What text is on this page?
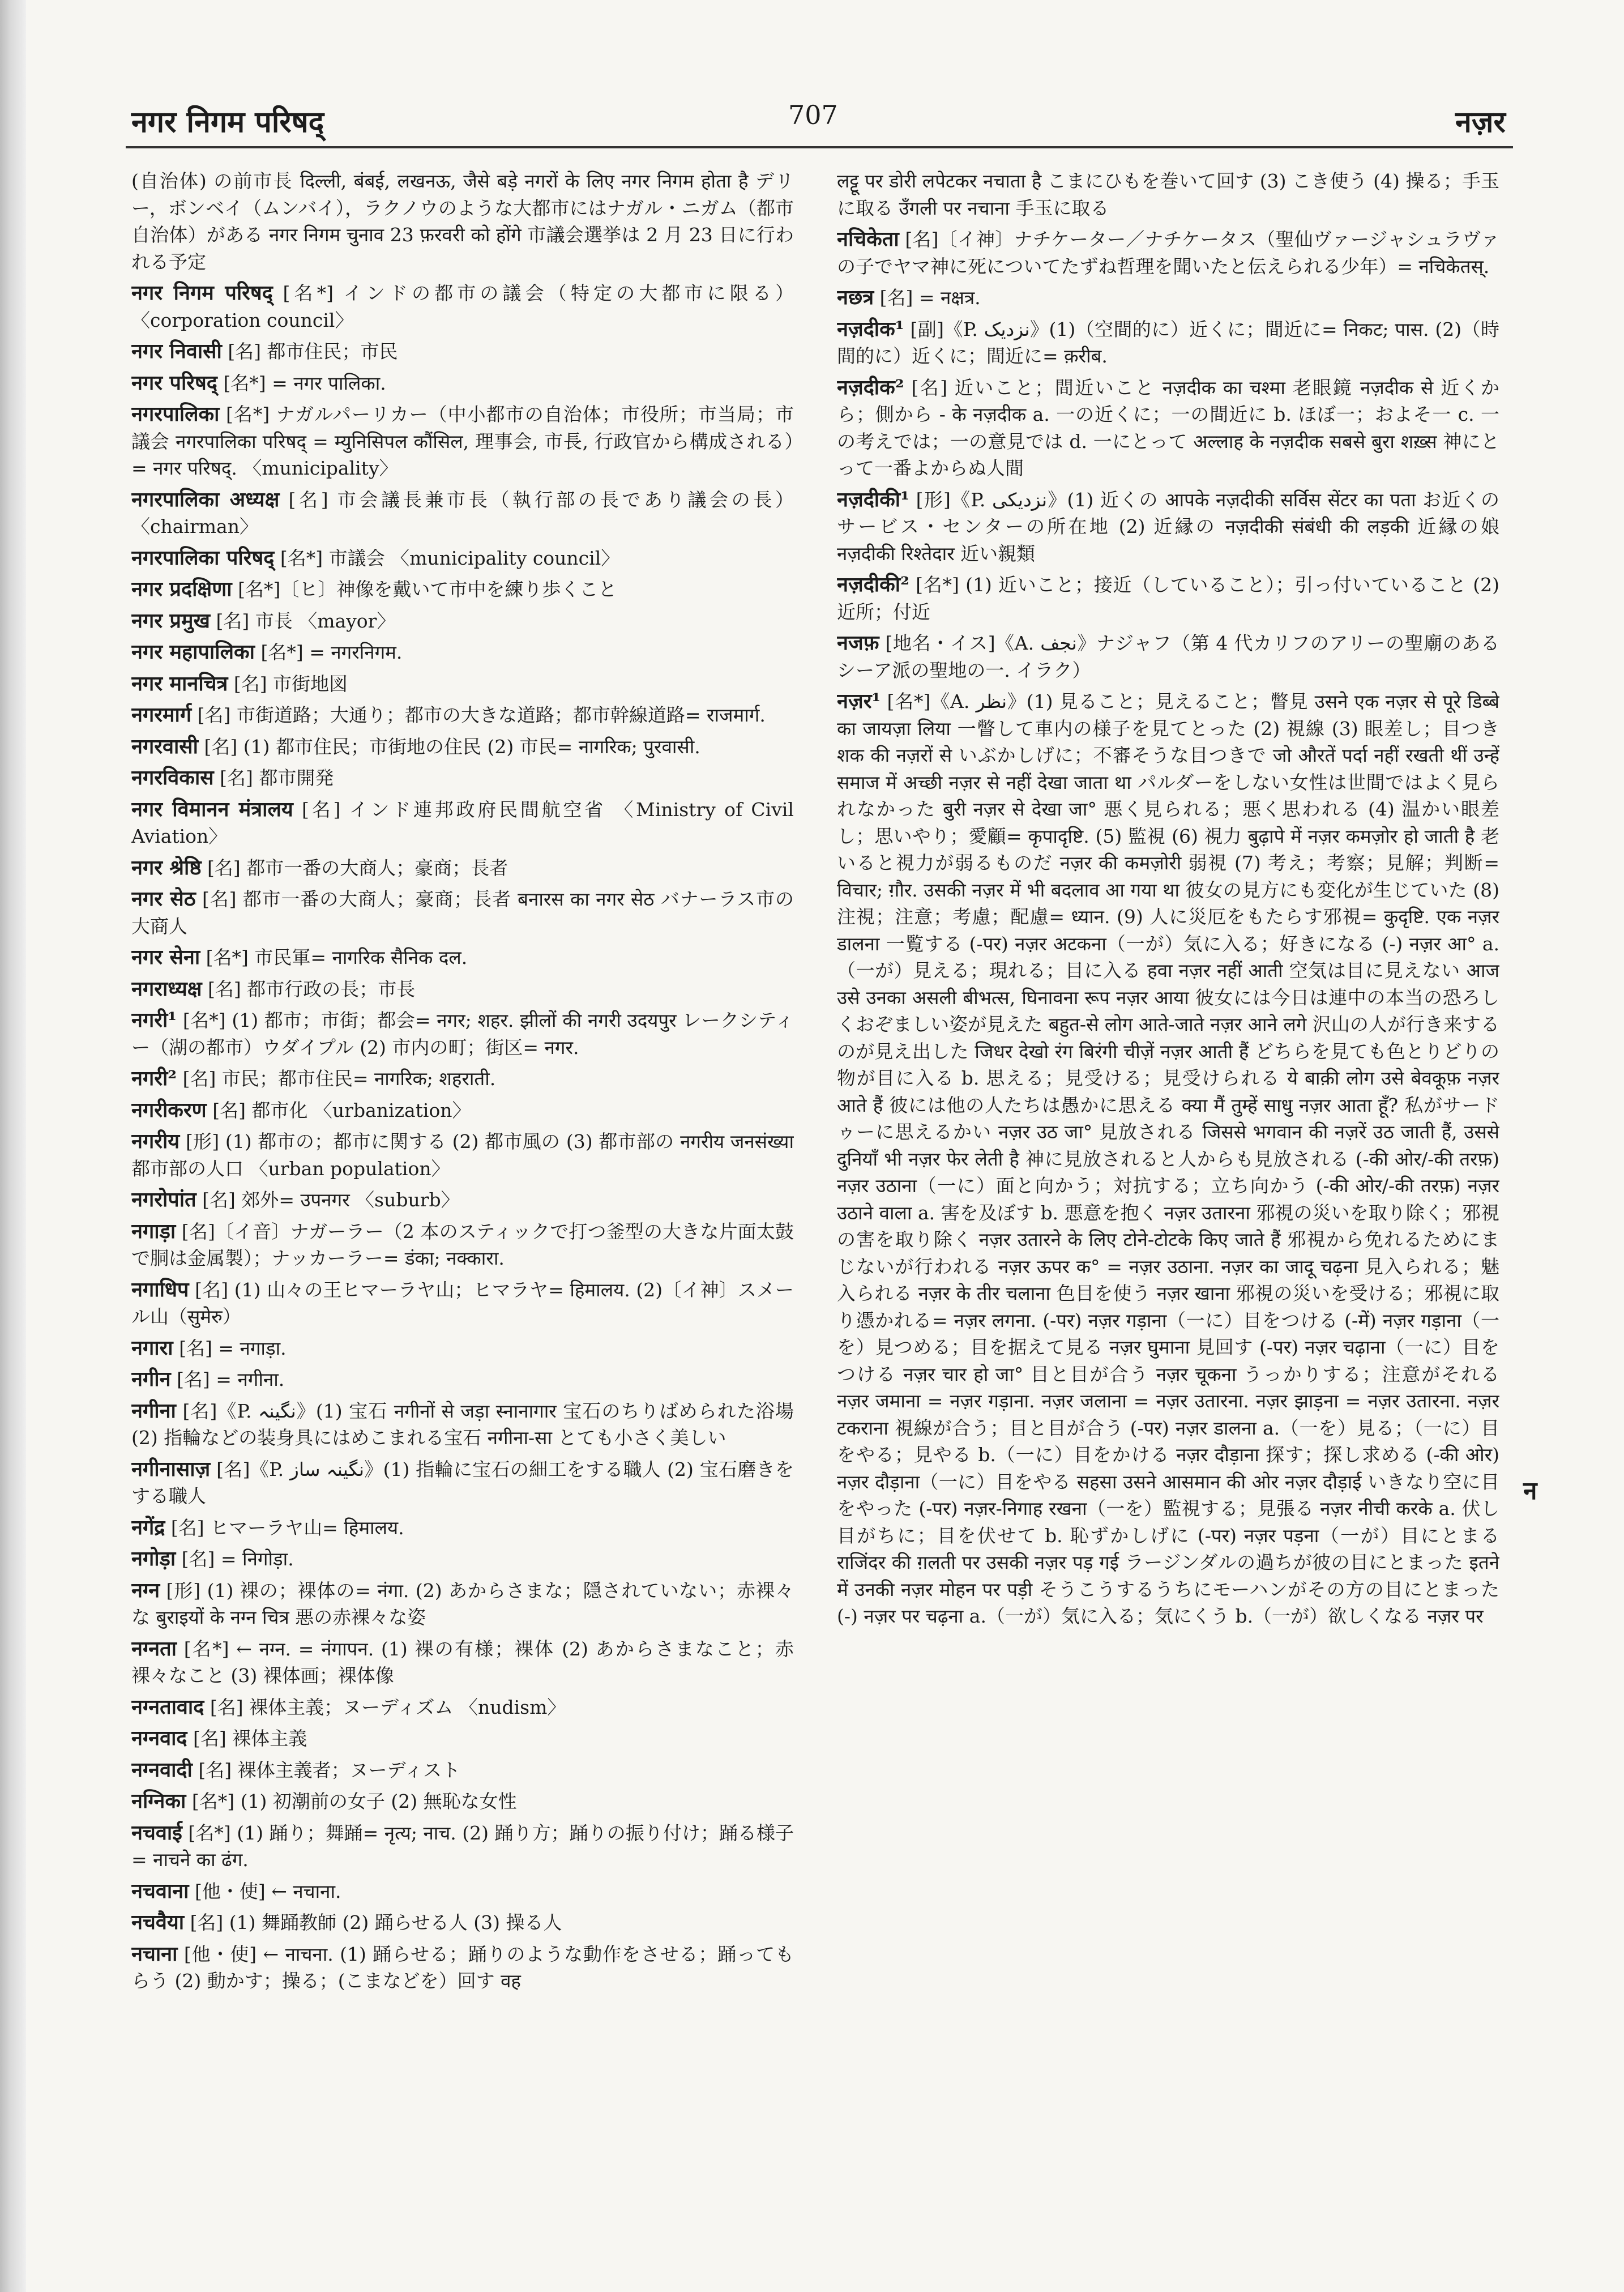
नगर निगम परिषद्	707	नज़र

(自治体) の前市長 दिल्ली, बंबई, लखनऊ, जैसे बड़े नगरों के लिए नगर निगम होता है デリー，ボンベイ（ムンバイ），ラクノウのような大都市にはナガル・ニガム（都市自治体）がある नगर निगम चुनाव 23 फ़रवरी को होंगे 市議会選挙は 2 月 23 日に行われる予定

नगर निगम परिषद् [名*] インドの都市の議会（特定の大都市に限る）〈corporation council〉

नगर निवासी [名] 都市住民；市民

नगर परिषद् [名*] = नगर पालिका.

नगरपालिका [名*] ナガルパーリカー（中小都市の自治体；市役所；市当局；市議会 नगरपालिका परिषद् = म्युनिसिपल कौंसिल, 理事会, 市長, 行政官から構成される）= नगर परिषद्. 〈municipality〉

नगरपालिका अध्यक्ष [名] 市会議長兼市長（執行部の長であり議会の長）〈chairman〉

नगरपालिका परिषद् [名*] 市議会 〈municipality council〉

नगर प्रदक्षिणा [名*]〔ヒ〕神像を戴いて市中を練り歩くこと

नगर प्रमुख [名] 市長 〈mayor〉

नगर महापालिका [名*] = नगरनिगम.

नगर मानचित्र [名] 市街地図

नगरमार्ग [名] 市街道路；大通り；都市の大きな道路；都市幹線道路= राजमार्ग.

नगरवासी [名] (1) 都市住民；市街地の住民 (2) 市民= नागरिक; पुरवासी.

नगरविकास [名] 都市開発

नगर विमानन मंत्रालय [名] インド連邦政府民間航空省 〈Ministry of Civil Aviation〉

नगर श्रेष्ठि [名] 都市一番の大商人；豪商；長者

नगर सेठ [名] 都市一番の大商人；豪商；長者 बनारस का नगर सेठ バナーラス市の大商人

नगर सेना [名*] 市民軍= नागरिक सैनिक दल.

नगराध्यक्ष [名] 都市行政の長；市長

नगरी¹ [名*] (1) 都市；市街；都会= नगर; शहर. झीलों की नगरी उदयपुर レークシティー（湖の都市）ウダイプル (2) 市内の町；街区= नगर.

नगरी² [名] 市民；都市住民= नागरिक; शहराती.

नगरीकरण [名] 都市化 〈urbanization〉

नगरीय [形] (1) 都市の；都市に関する (2) 都市風の (3) 都市部の नगरीय जनसंख्या 都市部の人口 〈urban population〉

नगरोपांत [名] 郊外= उपनगर 〈suburb〉

नगाड़ा [名]〔イ音〕ナガーラー（2 本のスティックで打つ釜型の大きな片面太鼓で胴は金属製）；ナッカーラー= डंका; नक्कारा.

नगाधिप [名] (1) 山々の王ヒマーラヤ山；ヒマラヤ= हिमालय. (2)〔イ神〕スメール山（सुमेरु）

नगारा [名] = नगाड़ा.

नगीन [名] = नगीना.

नगीना [名]《P. نگینہ》(1) 宝石 नगीनों से जड़ा स्नानागार 宝石のちりばめられた浴場 (2) 指輪などの装身具にはめこまれる宝石 नगीना-सा とても小さく美しい

नगीनासाज़ [名]《P. نگینہ ساز》(1) 指輪に宝石の細工をする職人 (2) 宝石磨きをする職人

नगेंद्र [名] ヒマーラヤ山= हिमालय.

नगोड़ा [名] = निगोड़ा.

नग्न [形] (1) 裸の；裸体の= नंगा. (2) あからさまな；隠されていない；赤裸々な बुराइयों के नग्न चित्र 悪の赤裸々な姿

नग्नता [名*] ← नग्न. = नंगापन. (1) 裸の有様；裸体 (2) あからさまなこと；赤裸々なこと (3) 裸体画；裸体像

नग्नतावाद [名] 裸体主義；ヌーディズム 〈nudism〉

नग्नवाद [名] 裸体主義

नग्नवादी [名] 裸体主義者；ヌーディスト

नग्निका [名*] (1) 初潮前の女子 (2) 無恥な女性

नचवाई [名*] (1) 踊り；舞踊= नृत्य; नाच. (2) 踊り方；踊りの振り付け；踊る様子= नाचने का ढंग.

नचवाना [他・使] ← नचाना.

नचवैया [名] (1) 舞踊教師 (2) 踊らせる人 (3) 操る人

नचाना [他・使] ← नाचना. (1) 踊らせる；踊りのような動作をさせる；踊ってもらう (2) 動かす；操る；(こまなどを）回す वह

लट्टू पर डोरी लपेटकर नचाता है こまにひもを巻いて回す (3) こき使う (4) 操る；手玉に取る उँगली पर नचाना 手玉に取る

नचिकेता [名]〔イ神〕ナチケーター／ナチケータス（聖仙ヴァージャシュラヴァの子でヤマ神に死についてたずね哲理を聞いたと伝えられる少年）= नचिकेतस्.

नछत्र [名] = नक्षत्र.

नज़दीक¹ [副]《P. نزدیک》(1)（空間的に）近くに；間近に= निकट; पास. (2)（時間的に）近くに；間近に= क़रीब.

नज़दीक² [名] 近いこと；間近いこと नज़दीक का चश्मा 老眼鏡 नज़दीक से 近くから；側から - के नज़दीक a. 一の近くに；一の間近に b. ほぼ一；およそ一 c. 一の考えでは；一の意見では d. 一にとって अल्लाह के नज़दीक सबसे बुरा शख़्स 神にとって一番よからぬ人間

नज़दीकी¹ [形]《P. نزدیکی》(1) 近くの आपके नज़दीकी सर्विस सेंटर का पता お近くのサービス・センターの所在地 (2) 近縁の नज़दीकी संबंधी की लड़की 近縁の娘 नज़दीकी रिश्तेदार 近い親類

नज़दीकी² [名*] (1) 近いこと；接近（していること）；引っ付いていること (2) 近所；付近

नजफ़ [地名・イス]《A. نجف》ナジャフ（第 4 代カリフのアリーの聖廟のあるシーア派の聖地の一. イラク）

नज़र¹ [名*]《A. نظر》(1) 見ること；見えること；瞥見 उसने एक नज़र से पूरे डिब्बे का जायज़ा लिया 一瞥して車内の様子を見てとった (2) 視線 (3) 眼差し；目つき शक की नज़रों से いぶかしげに；不審そうな目つきで जो औरतें पर्दा नहीं रखती थीं उन्हें समाज में अच्छी नज़र से नहीं देखा जाता था パルダーをしない女性は世間ではよく見られなかった बुरी नज़र से देखा जा° 悪く見られる；悪く思われる (4) 温かい眼差し；思いやり；愛顧= कृपादृष्टि. (5) 監視 (6) 視力 बुढ़ापे में नज़र कमज़ोर हो जाती है 老いると視力が弱るものだ नज़र की कमज़ोरी 弱視 (7) 考え；考察；見解；判断= विचार; ग़ौर. उसकी नज़र में भी बदलाव आ गया था 彼女の見方にも変化が生じていた (8) 注視；注意；考慮；配慮= ध्यान. (9) 人に災厄をもたらす邪視= कुदृष्टि. एक नज़र डालना 一覧する (-पर) नज़र अटकना（一が）気に入る；好きになる (-) नज़र आ° a.（一が）見える；現れる；目に入る हवा नज़र नहीं आती 空気は目に見えない आज उसे उनका असली बीभत्स, घिनावना रूप नज़र आया 彼女には今日は連中の本当の恐ろしくおぞましい姿が見えた बहुत-से लोग आते-जाते नज़र आने लगे 沢山の人が行き来するのが見え出した जिधर देखो रंग बिरंगी चीज़ें नज़र आती हैं どちらを見ても色とりどりの物が目に入る b. 思える；見受ける；見受けられる ये बाक़ी लोग उसे बेवकूफ़ नज़र आते हैं 彼には他の人たちは愚かに思える क्या मैं तुम्हें साधु नज़र आता हूँ? 私がサードゥーに思えるかい नज़र उठ जा° 見放される जिससे भगवान की नज़रें उठ जाती हैं, उससे दुनियाँ भी नज़र फेर लेती है 神に見放されると人からも見放される (-की ओर/-की तरफ़) नज़र उठाना（一に）面と向かう；対抗する；立ち向かう (-की ओर/-की तरफ़) नज़र उठाने वाला a. 害を及ぼす b. 悪意を抱く नज़र उतारना 邪視の災いを取り除く；邪視の害を取り除く नज़र उतारने के लिए टोने-टोटके किए जाते हैं 邪視から免れるためにまじないが行われる नज़र ऊपर क° = नज़र उठाना. नज़र का जादू चढ़ना 見入られる；魅入られる नज़र के तीर चलाना 色目を使う नज़र खाना 邪視の災いを受ける；邪視に取り憑かれる= नज़र लगना. (-पर) नज़र गड़ाना（一に）目をつける (-में) नज़र गड़ाना（一を）見つめる；目を据えて見る नज़र घुमाना 見回す (-पर) नज़र चढ़ाना（一に）目をつける नज़र चार हो जा° 目と目が合う नज़र चूकना うっかりする；注意がそれる नज़र जमाना = नज़र गड़ाना. नज़र जलाना = नज़र उतारना. नज़र झाड़ना = नज़र उतारना. नज़र टकराना 視線が合う；目と目が合う (-पर) नज़र डालना a.（一を）見る；（一に）目をやる；見やる b.（一に）目をかける नज़र दौड़ाना 探す；探し求める (-की ओर) नज़र दौड़ाना（一に）目をやる सहसा उसने आसमान की ओर नज़र दौड़ाई いきなり空に目をやった (-पर) नज़र-निगाह रखना（一を）監視する；見張る नज़र नीची करके a. 伏し目がちに；目を伏せて b. 恥ずかしげに (-पर) नज़र पड़ना（一が）目にとまる राजिंदर की ग़लती पर उसकी नज़र पड़ गई ラージンダルの過ちが彼の目にとまった इतने में उनकी नज़र मोहन पर पड़ी そうこうするうちにモーハンがその方の目にとまった (-) नज़र पर चढ़ना a.（一が）気に入る；気にくう b.（一が）欲しくなる नज़र पर

न
